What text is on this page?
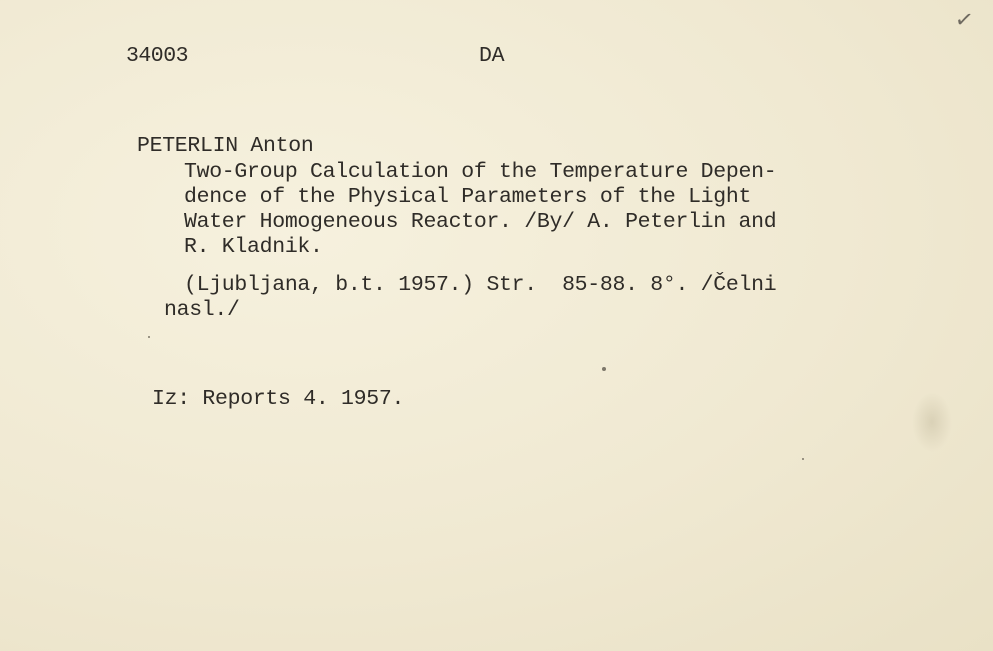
34003	DA
✓
PETERLIN Anton
Two-Group Calculation of the Temperature Depen-
dence of the Physical Parameters of the Light
Water Homogeneous Reactor. /By/ A. Peterlin and
R. Kladnik.
(Ljubljana, b.t. 1957.) Str.  85-88. 8°. /Čelni
nasl./
Iz: Reports 4. 1957.
